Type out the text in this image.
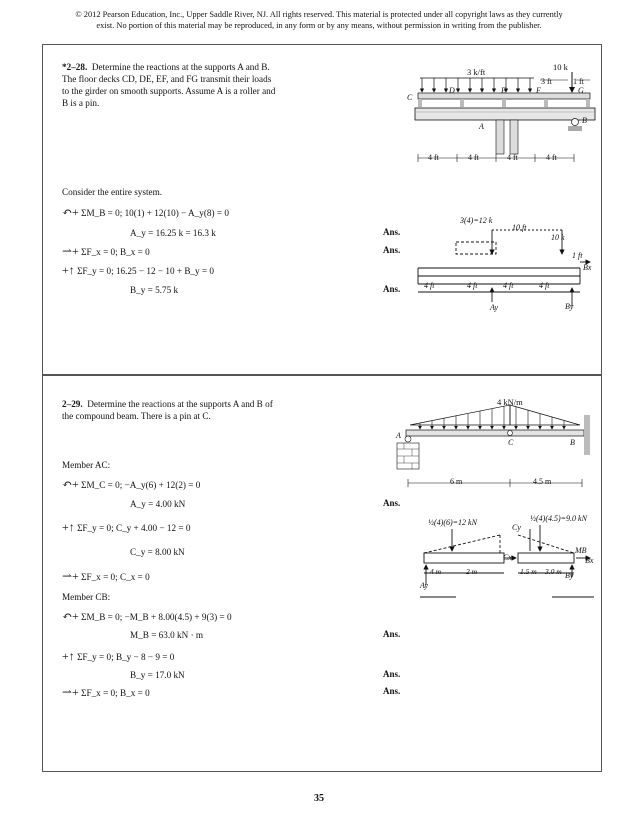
© 2012 Pearson Education, Inc., Upper Saddle River, NJ. All rights reserved. This material is protected under all copyright laws as they currently
exist. No portion of this material may be reproduced, in any form or by any means, without permission in writing from the publisher.
*2–28. Determine the reactions at the supports A and B.
The floor decks CD, DE, EF, and FG transmit their loads
to the girder on smooth supports. Assume A is a roller and
B is a pin.
3 k/ft	10 k
3 ft	1 ft
C
D	E	F	G
A
B
4 ft	4 ft	4 ft	4 ft
Consider the entire system.
↶+ ΣM_B = 0; 10(1) + 12(10) − A_y(8) = 0
A_y = 16.25 k = 16.3 k	Ans.
⇀+ ΣF_x = 0; B_x = 0	Ans.
+↑ ΣF_y = 0; 16.25 − 12 − 10 + B_y = 0
B_y = 5.75 k	Ans.
3(4)=12 k
10 ft
10 k
1 ft
4 ft	4 ft	4 ft	4 ft
Ay	By
Bx
2–29. Determine the reactions at the supports A and B of
the compound beam. There is a pin at C.
4 kN/m
A
C	B
6 m	4.5 m
Member AC:
↶+ ΣM_C = 0; −A_y(6) + 12(2) = 0
A_y = 4.00 kN	Ans.
+↑ ΣF_y = 0; C_y + 4.00 − 12 = 0
C_y = 8.00 kN
⇀+ ΣF_x = 0; C_x = 0
Member CB:
↶+ ΣM_B = 0; −M_B + 8.00(4.5) + 9(3) = 0
M_B = 63.0 kN · m	Ans.
+↑ ΣF_y = 0; B_y − 8 − 9 = 0
B_y = 17.0 kN	Ans.
⇀+ ΣF_x = 0; B_x = 0	Ans.
½(4)(6)=12 kN	½(4)(4.5)=9.0 kN
Cy
Cx
MB
Bx
By
Ay
4 m	2 m	1.5 m 3.0 m
35
